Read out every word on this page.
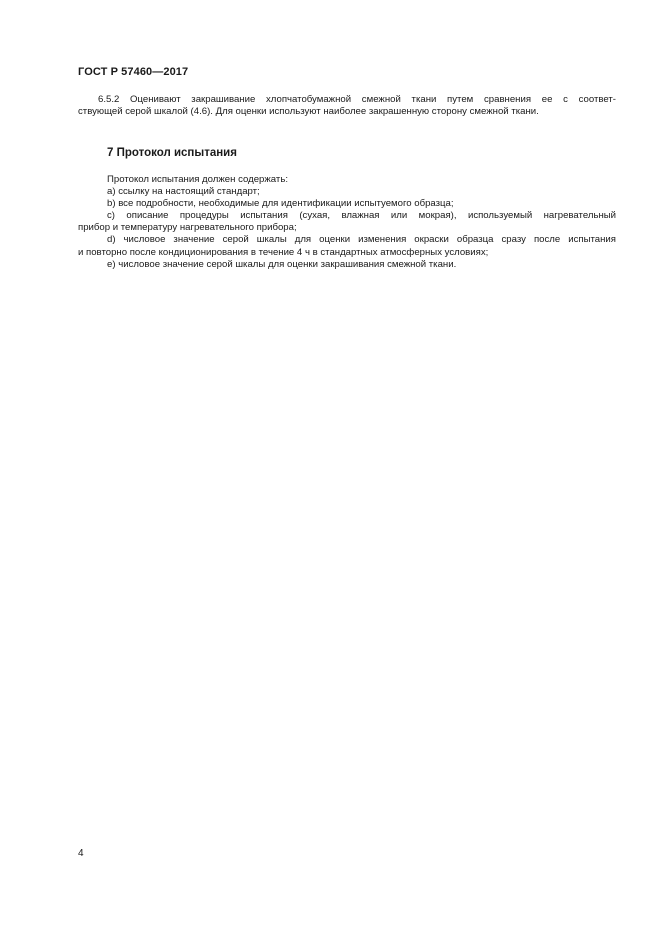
ГОСТ Р 57460—2017
6.5.2 Оценивают закрашивание хлопчатобумажной смежной ткани путем сравнения ее с соответ-
ствующей серой шкалой (4.6). Для оценки используют наиболее закрашенную сторону смежной ткани.
7 Протокол испытания
Протокол испытания должен содержать:
a) ссылку на настоящий стандарт;
b) все подробности, необходимые для идентификации испытуемого образца;
c) описание процедуры испытания (сухая, влажная или мокрая), используемый нагревательный
прибор и температуру нагревательного прибора;
d) числовое значение серой шкалы для оценки изменения окраски образца сразу после испытания
и повторно после кондиционирования в течение 4 ч в стандартных атмосферных условиях;
e) числовое значение серой шкалы для оценки закрашивания смежной ткани.
4
